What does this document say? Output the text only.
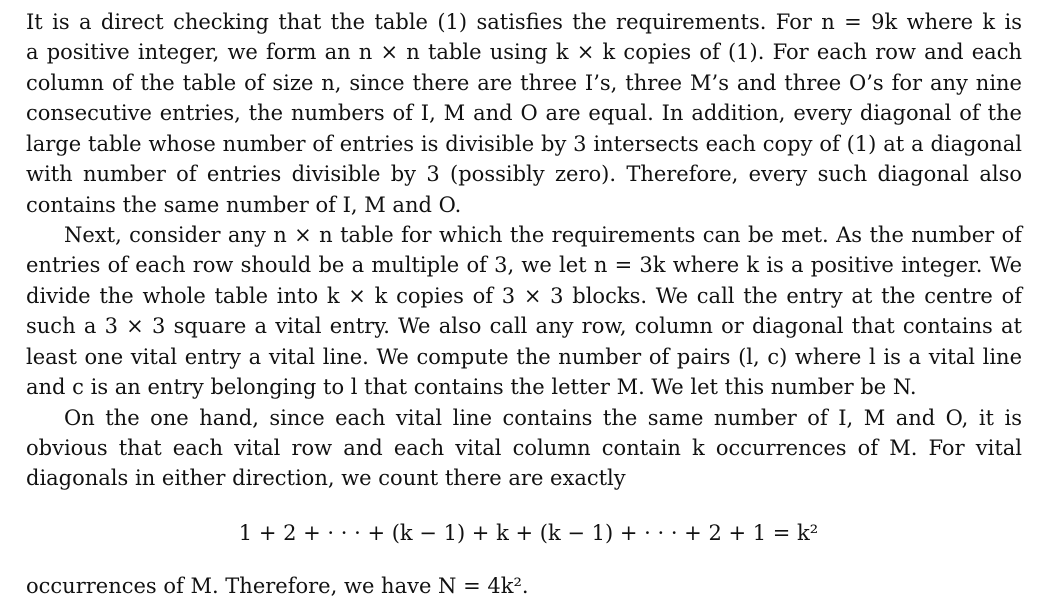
It is a direct checking that the table (1) satisfies the requirements. For n = 9k where k is
a positive integer, we form an n × n table using k × k copies of (1). For each row and each
column of the table of size n, since there are three I’s, three M’s and three O’s for any nine
consecutive entries, the numbers of I, M and O are equal. In addition, every diagonal of the
large table whose number of entries is divisible by 3 intersects each copy of (1) at a diagonal
with number of entries divisible by 3 (possibly zero). Therefore, every such diagonal also
contains the same number of I, M and O.
Next, consider any n × n table for which the requirements can be met. As the number of
entries of each row should be a multiple of 3, we let n = 3k where k is a positive integer. We
divide the whole table into k × k copies of 3 × 3 blocks. We call the entry at the centre of
such a 3 × 3 square a vital entry. We also call any row, column or diagonal that contains at
least one vital entry a vital line. We compute the number of pairs (l, c) where l is a vital line
and c is an entry belonging to l that contains the letter M. We let this number be N.
On the one hand, since each vital line contains the same number of I, M and O, it is
obvious that each vital row and each vital column contain k occurrences of M. For vital
diagonals in either direction, we count there are exactly
1 + 2 + · · · + (k − 1) + k + (k − 1) + · · · + 2 + 1 = k²
occurrences of M. Therefore, we have N = 4k².
